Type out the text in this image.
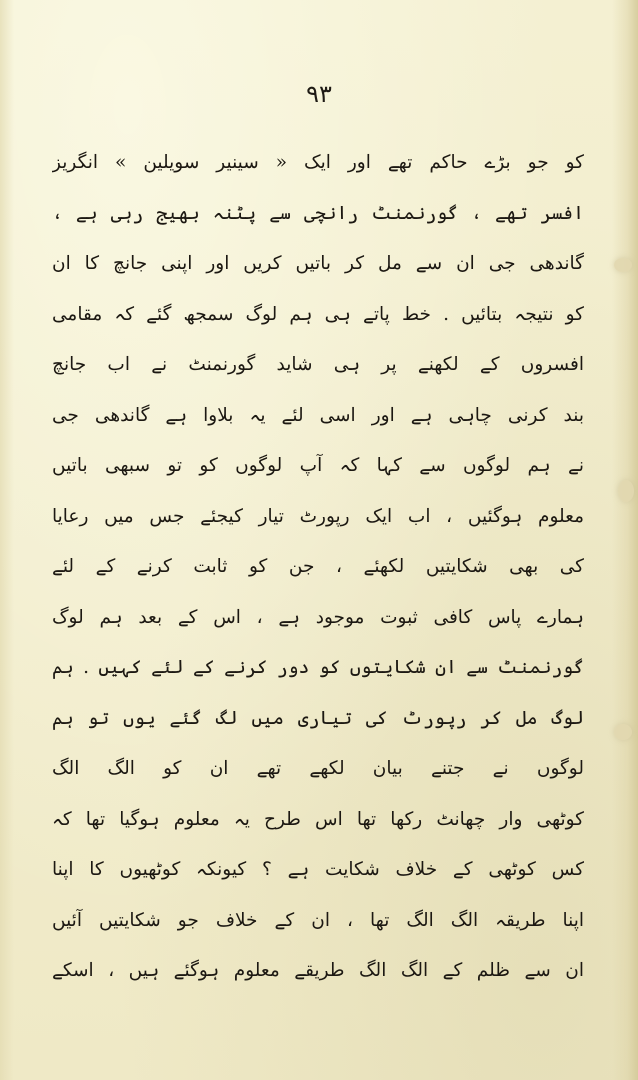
۹۳
کو جو بڑے حاکم تھے اور ایک « سینیر سویلین » انگریز
افسر تھے ، گورنمنٹ رانچی سے پٹنہ بھیج رہی ہے ،
گاندھی جی ان سے مل کر باتیں کریں اور اپنی جانچ کا ان
کو نتیجہ بتائیں . خط پاتے ہی ہم لوگ سمجھ گئے کہ مقامی
افسروں کے لکھنے پر ہی شاید گورنمنٹ نے اب جانچ
بند کرنی چاہی ہے اور اسی لئے یہ بلاوا ہے گاندھی جی
نے ہم لوگوں سے کہا کہ آپ لوگوں کو تو سبھی باتیں
معلوم ہوگئیں ، اب ایک رپورٹ تیار کیجئے جس میں رعایا
کی بھی شکایتیں لکھئے ، جن کو ثابت کرنے کے لئے
ہمارے پاس کافی ثبوت موجود ہے ، اس کے بعد ہم لوگ
گورنمنٹ سے ان شکایتوں کو دور کرنے کے لئے کہیں . ہم
لوگ مل کر رپورٹ کی تیاری میں لگ گئے یوں تو ہم
لوگوں نے جتنے بیان لکھے تھے ان کو الگ الگ
کوٹھی وار چھانٹ رکھا تھا اس طرح یہ معلوم ہوگیا تھا کہ
کس کوٹھی کے خلاف شکایت ہے ؟ کیونکہ کوٹھیوں کا اپنا
اپنا طریقہ الگ الگ تھا ، ان کے خلاف جو شکایتیں آئیں
ان سے ظلم کے الگ الگ طریقے معلوم ہوگئے ہیں ، اسکے
